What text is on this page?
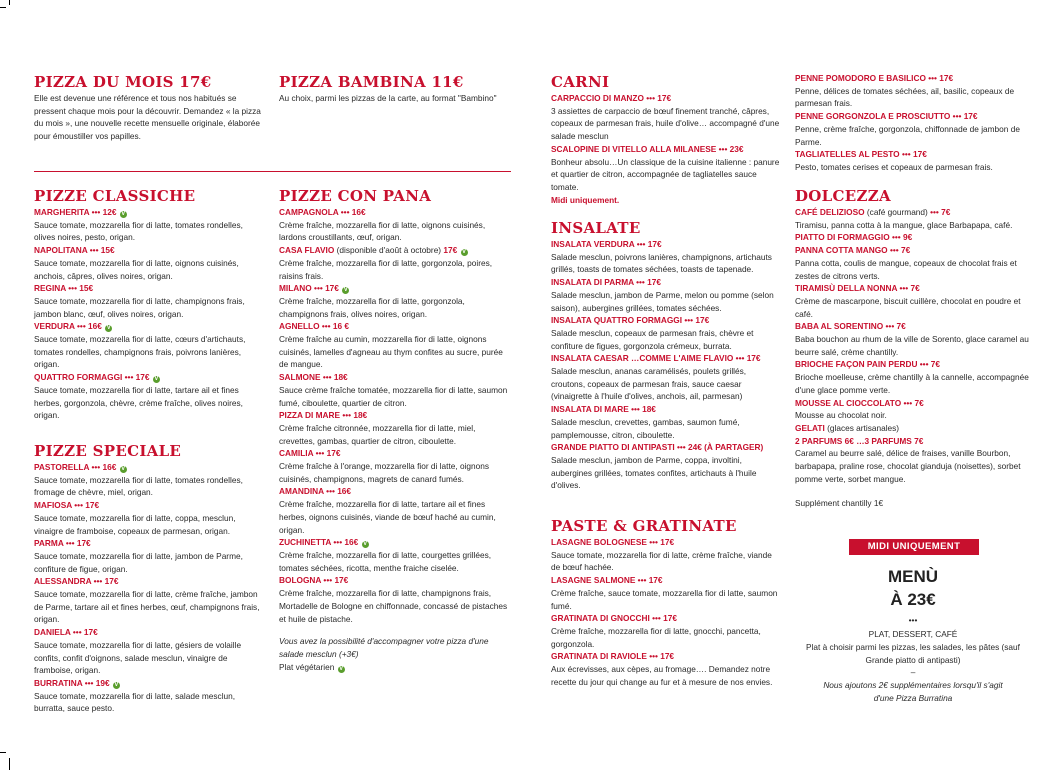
PIZZA DU MOIS 17€

Elle est devenue une référence et tous nos habitués se pressent chaque mois pour la découvrir. Demandez « la pizza du mois », une nouvelle recette mensuelle originale, élaborée pour émoustiller vos papilles.

PIZZE CLASSICHE
MARGHERITA ••• 12€ V

Sauce tomate, mozzarella fior di latte, tomates rondelles, olives noires, pesto, origan.

NAPOLITANA ••• 15€

Sauce tomate, mozzarella fior di latte, oignons cuisinés, anchois, câpres, olives noires, origan.

REGINA ••• 15€

Sauce tomate, mozzarella fior di latte, champignons frais, jambon blanc, œuf, olives noires, origan.

VERDURA ••• 16€ V

Sauce tomate, mozzarella fior di latte, cœurs d'artichauts, tomates rondelles, champignons frais, poivrons lanières, origan.

QUATTRO FORMAGGI ••• 17€ V

Sauce tomate, mozzarella fior di latte, tartare ail et fines herbes, gorgonzola, chèvre, crème fraîche, olives noires, origan.

PIZZE SPECIALE
PASTORELLA ••• 16€ V

Sauce tomate, mozzarella fior di latte, tomates rondelles, fromage de chèvre, miel, origan.

MAFIOSA ••• 17€

Sauce tomate, mozzarella fior di latte, coppa, mesclun, vinaigre de framboise, copeaux de parmesan, origan.

PARMA ••• 17€

Sauce tomate, mozzarella fior di latte, jambon de Parme, confiture de figue, origan.

ALESSANDRA ••• 17€

Sauce tomate, mozzarella fior di latte, crème fraîche, jambon de Parme, tartare ail et fines herbes, œuf, champignons frais, origan.

DANIELA ••• 17€

Sauce tomate, mozzarella fior di latte, gésiers de volaille confits, confit d'oignons, salade mesclun, vinaigre de framboise, origan.

BURRATINA ••• 19€ V

Sauce tomate, mozzarella fior di latte, salade mesclun, burratta, sauce pesto.

PIZZA BAMBINA 11€

Au choix, parmi les pizzas de la carte, au format "Bambino"

PIZZE CON PANA
CAMPAGNOLA ••• 16€

Crème fraîche, mozzarella fior di latte, oignons cuisinés, lardons croustillants, œuf, origan.

CASA FLAVIO (disponible d'août à octobre) 17€ V

Crème fraîche, mozzarella fior di latte, gorgonzola, poires, raisins frais.

MILANO ••• 17€ V

Crème fraîche, mozzarella fior di latte, gorgonzola, champignons frais, olives noires, origan.

AGNELLO ••• 16 €

Crème fraîche au cumin, mozzarella fior di latte, oignons cuisinés, lamelles d'agneau au thym confites au sucre, purée de mangue.

SALMONE ••• 18€

Sauce crème fraîche tomatée, mozzarella fior di latte, saumon fumé, ciboulette, quartier de citron.

PIZZA DI MARE ••• 18€

Crème fraîche citronnée, mozzarella fior di latte, miel, crevettes, gambas, quartier de citron, ciboulette.

CAMILIA ••• 17€

Crème fraîche à l'orange, mozzarella fior di latte, oignons cuisinés, champignons, magrets de canard fumés.

AMANDINA ••• 16€

Crème fraîche, mozzarella fior di latte, tartare ail et fines herbes, oignons cuisinés, viande de bœuf haché au cumin, origan.

ZUCHINETTA ••• 16€ V

Crème fraîche, mozzarella fior di latte, courgettes grillées, tomates séchées, ricotta, menthe fraiche ciselée.

BOLOGNA ••• 17€

Crème fraîche, mozzarella fior di latte, champignons frais, Mortadelle de Bologne en chiffonnade, concassé de pistaches et huile de pistache.

Vous avez la possibilité d'accompagner votre pizza d'une salade mesclun (+3€)

Plat végétarien V

CARNI
CARPACCIO DI MANZO ••• 17€

3 assiettes de carpaccio de bœuf finement tranché, câpres, copeaux de parmesan frais, huile d'olive… accompagné d'une salade mesclun

SCALOPINE DI VITELLO ALLA MILANESE ••• 23€

Bonheur absolu…Un classique de la cuisine italienne : panure et quartier de citron, accompagnée de tagliatelles sauce tomate.

Midi uniquement.
INSALATE
INSALATA VERDURA ••• 17€

Salade mesclun, poivrons lanières, champignons, artichauts grillés, toasts de tomates séchées, toasts de tapenade.

INSALATA DI PARMA ••• 17€

Salade mesclun, jambon de Parme, melon ou pomme (selon saison), aubergines grillées, tomates séchées.

INSALATA QUATTRO FORMAGGI ••• 17€

Salade mesclun, copeaux de parmesan frais, chèvre et confiture de figues, gorgonzola crémeux, burrata.

INSALATA CAESAR …COMME L'AIME FLAVIO ••• 17€

Salade mesclun, ananas caramélisés, poulets grillés, croutons, copeaux de parmesan frais, sauce caesar (vinaigrette à l'huile d'olives, anchois, ail, parmesan)

INSALATA DI MARE ••• 18€

Salade mesclun, crevettes, gambas, saumon fumé, pamplemousse, citron, ciboulette.

GRANDE PIATTO DI ANTIPASTI ••• 24€ (À PARTAGER)

Salade mesclun, jambon de Parme, coppa, involtini, aubergines grillées, tomates confites, artichauts à l'huile d'olives.

PASTE & GRATINATE
LASAGNE BOLOGNESE ••• 17€

Sauce tomate, mozzarella fior di latte, crème fraîche, viande de bœuf hachée.

LASAGNE SALMONE ••• 17€

Crème fraîche, sauce tomate, mozzarella fior di latte, saumon fumé.

GRATINATA DI GNOCCHI ••• 17€

Crème fraîche, mozzarella fior di latte, gnocchi, pancetta, gorgonzola.

GRATINATA DI RAVIOLE ••• 17€

Aux écrevisses, aux cèpes, au fromage…. Demandez notre recette du jour qui change au fur et à mesure de nos envies.

PENNE POMODORO E BASILICO ••• 17€

Penne, délices de tomates séchées, ail, basilic, copeaux de parmesan frais.

PENNE GORGONZOLA E PROSCIUTTO ••• 17€

Penne, crème fraîche, gorgonzola, chiffonnade de jambon de Parme.

TAGLIATELLES AL PESTO ••• 17€

Pesto, tomates cerises et copeaux de parmesan frais.

DOLCEZZA
CAFÉ DELIZIOSO (café gourmand) ••• 7€

Tiramisu, panna cotta à la mangue, glace Barbapapa, café.

PIATTO DI FORMAGGIO ••• 9€
PANNA COTTA MANGO ••• 7€

Panna cotta, coulis de mangue, copeaux de chocolat frais et zestes de citrons verts.

TIRAMISÙ DELLA NONNA ••• 7€

Crème de mascarpone, biscuit cuillère, chocolat en poudre et café.

BABA AL SORENTINO ••• 7€

Baba bouchon au rhum de la ville de Sorento, glace caramel au beurre salé, crème chantilly.

BRIOCHE FAÇON PAIN PERDU ••• 7€

Brioche moelleuse, crème chantilly à la cannelle, accompagnée d'une glace pomme verte.

MOUSSE AL CIOCCOLATO ••• 7€

Mousse au chocolat noir.

GELATI (glaces artisanales)
2 PARFUMS 6€ …3 PARFUMS 7€

Caramel au beurre salé, délice de fraises, vanille Bourbon, barbapapa, praline rose, chocolat gianduja (noisettes), sorbet pomme verte, sorbet mangue.

Supplément chantilly 1€

MIDI UNIQUEMENT
MENÙ
À 23€
•••
PLAT, DESSERT, CAFÉ
Plat à choisir parmi les pizzas, les salades, les pâtes (sauf Grande piatto di antipasti)
–
Nous ajoutons 2€ supplémentaires lorsqu'il s'agit d'une Pizza Burratina
